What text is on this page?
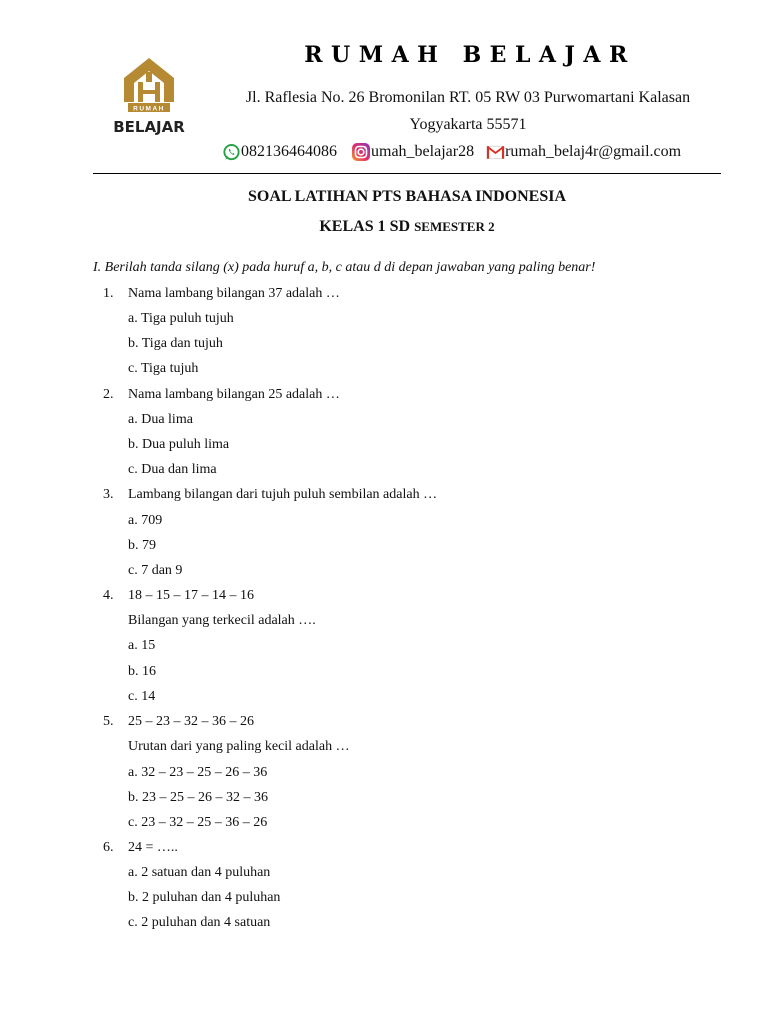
RUMAH
BELAJAR
RUMAH BELAJAR
Jl. Raflesia No. 26 Bromonilan RT. 05 RW 03 Purwomartani Kalasan
Yogyakarta 55571
082136464086 umah_belajar28 rumah_belaj4r@gmail.com
SOAL LATIHAN PTS BAHASA INDONESIA
KELAS 1 SD SEMESTER 2
I. Berilah tanda silang (x) pada huruf a, b, c atau d di depan jawaban yang paling benar!
1. Nama lambang bilangan 37 adalah …
a. Tiga puluh tujuh
b. Tiga dan tujuh
c. Tiga tujuh
2. Nama lambang bilangan 25 adalah …
a. Dua lima
b. Dua puluh lima
c. Dua dan lima
3. Lambang bilangan dari tujuh puluh sembilan adalah …
a. 709
b. 79
c. 7 dan 9
4. 18 – 15 – 17 – 14 – 16
Bilangan yang terkecil adalah ….
a. 15
b. 16
c. 14
5. 25 – 23 – 32 – 36 – 26
Urutan dari yang paling kecil adalah …
a. 32 – 23 – 25 – 26 – 36
b. 23 – 25 – 26 – 32 – 36
c. 23 – 32 – 25 – 36 – 26
6. 24 = …..
a. 2 satuan dan 4 puluhan
b. 2 puluhan dan 4 puluhan
c. 2 puluhan dan 4 satuan
